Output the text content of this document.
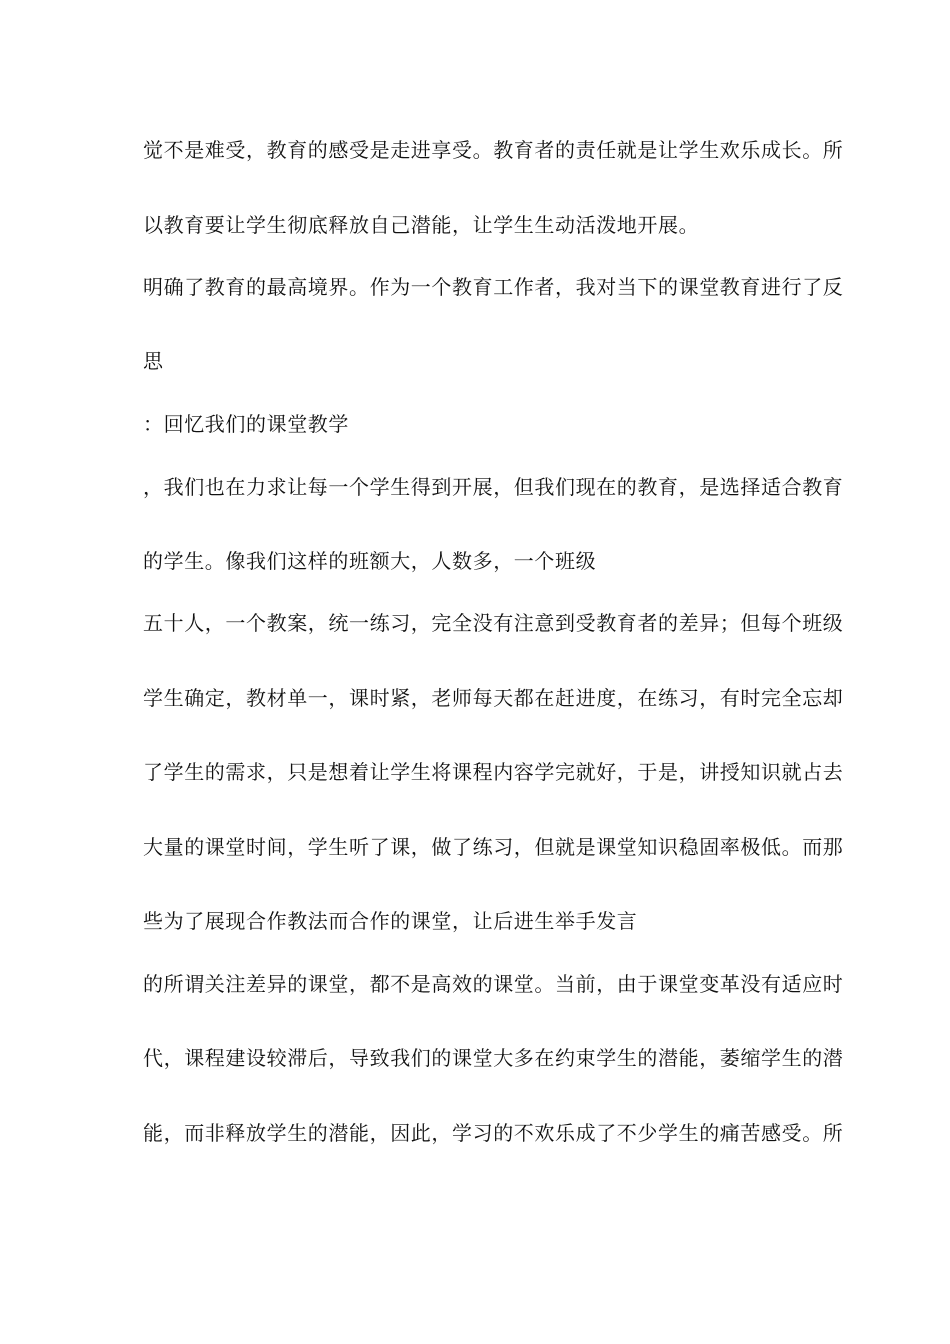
觉不是难受，教育的感受是走进享受。教育者的责任就是让学生欢乐成长。所
以教育要让学生彻底释放自己潜能，让学生生动活泼地开展。
明确了教育的最高境界。作为一个教育工作者，我对当下的课堂教育进行了反
思
：回忆我们的课堂教学
，我们也在力求让每一个学生得到开展，但我们现在的教育，是选择适合教育
的学生。像我们这样的班额大，人数多，一个班级
五十人，一个教案，统一练习，完全没有注意到受教育者的差异；但每个班级
学生确定，教材单一，课时紧，老师每天都在赶进度，在练习，有时完全忘却
了学生的需求，只是想着让学生将课程内容学完就好，于是，讲授知识就占去
大量的课堂时间，学生听了课，做了练习，但就是课堂知识稳固率极低。而那
些为了展现合作教法而合作的课堂，让后进生举手发言
的所谓关注差异的课堂，都不是高效的课堂。当前，由于课堂变革没有适应时
代，课程建设较滞后，导致我们的课堂大多在约束学生的潜能，萎缩学生的潜
能，而非释放学生的潜能，因此，学习的不欢乐成了不少学生的痛苦感受。所
